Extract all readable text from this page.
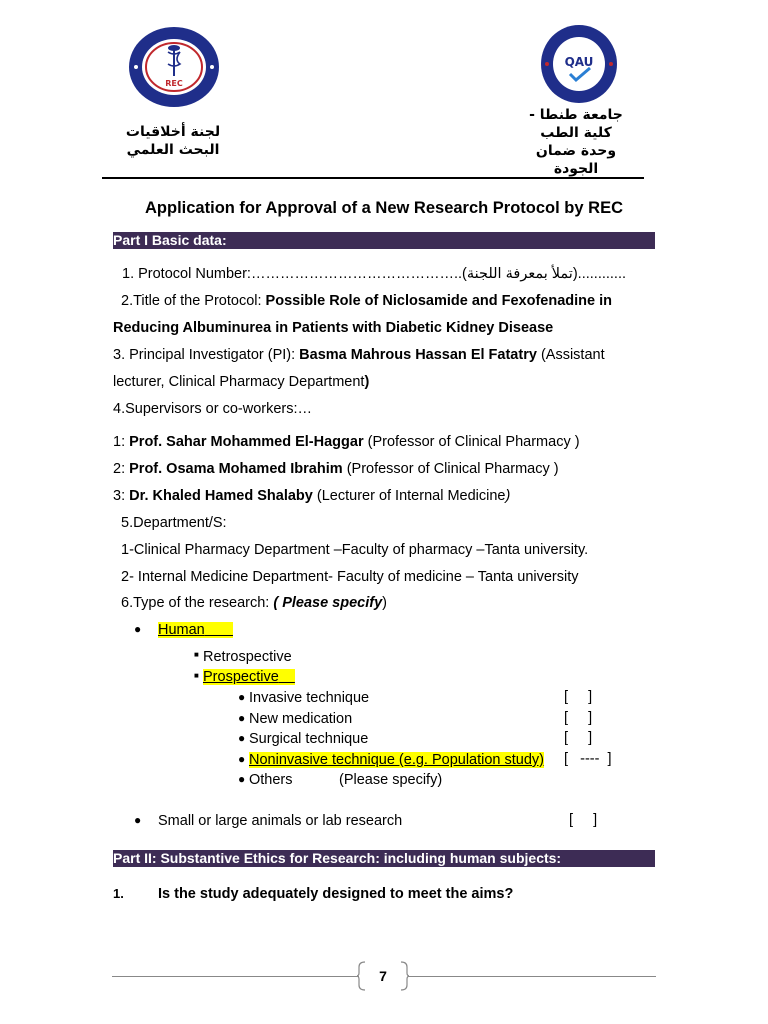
REC
QAU
لجنة أخلاقيات
البحث العلمي
جامعة طنطا -
كلية الطب
وحدة ضمان
الجودة
Application for Approval of a New Research Protocol by REC
Part I Basic data:
1. Protocol Number:……………………………………..(تملأ بمعرفة اللجنة)............
2.Title of the Protocol: Possible Role of Niclosamide and Fexofenadine in
Reducing Albuminurea in Patients with Diabetic Kidney Disease
3. Principal Investigator (PI): Basma Mahrous Hassan El Fatatry (Assistant
lecturer, Clinical Pharmacy Department)
4.Supervisors or co-workers:…
1: Prof. Sahar Mohammed El-Haggar (Professor of Clinical Pharmacy )
2: Prof. Osama Mohamed Ibrahim (Professor of Clinical Pharmacy )
3: Dr. Khaled Hamed Shalaby (Lecturer of Internal Medicine)
5.Department/S:
1-Clinical Pharmacy Department –Faculty of pharmacy –Tanta university.
2- Internal Medicine Department- Faculty of medicine – Tanta university
6.Type of the research: ( Please specify)
● Human
■ Retrospective
■ Prospective
● Invasive technique	[     ]
● New medication	[     ]
● Surgical technique	[     ]
● Noninvasive technique (e.g. Population study) [   ----  ]
● Others	(Please specify)
● Small or large animals or lab research	[     ]
Part II: Substantive Ethics for Research: including human subjects:
1. Is the study adequately designed to meet the aims?
7
